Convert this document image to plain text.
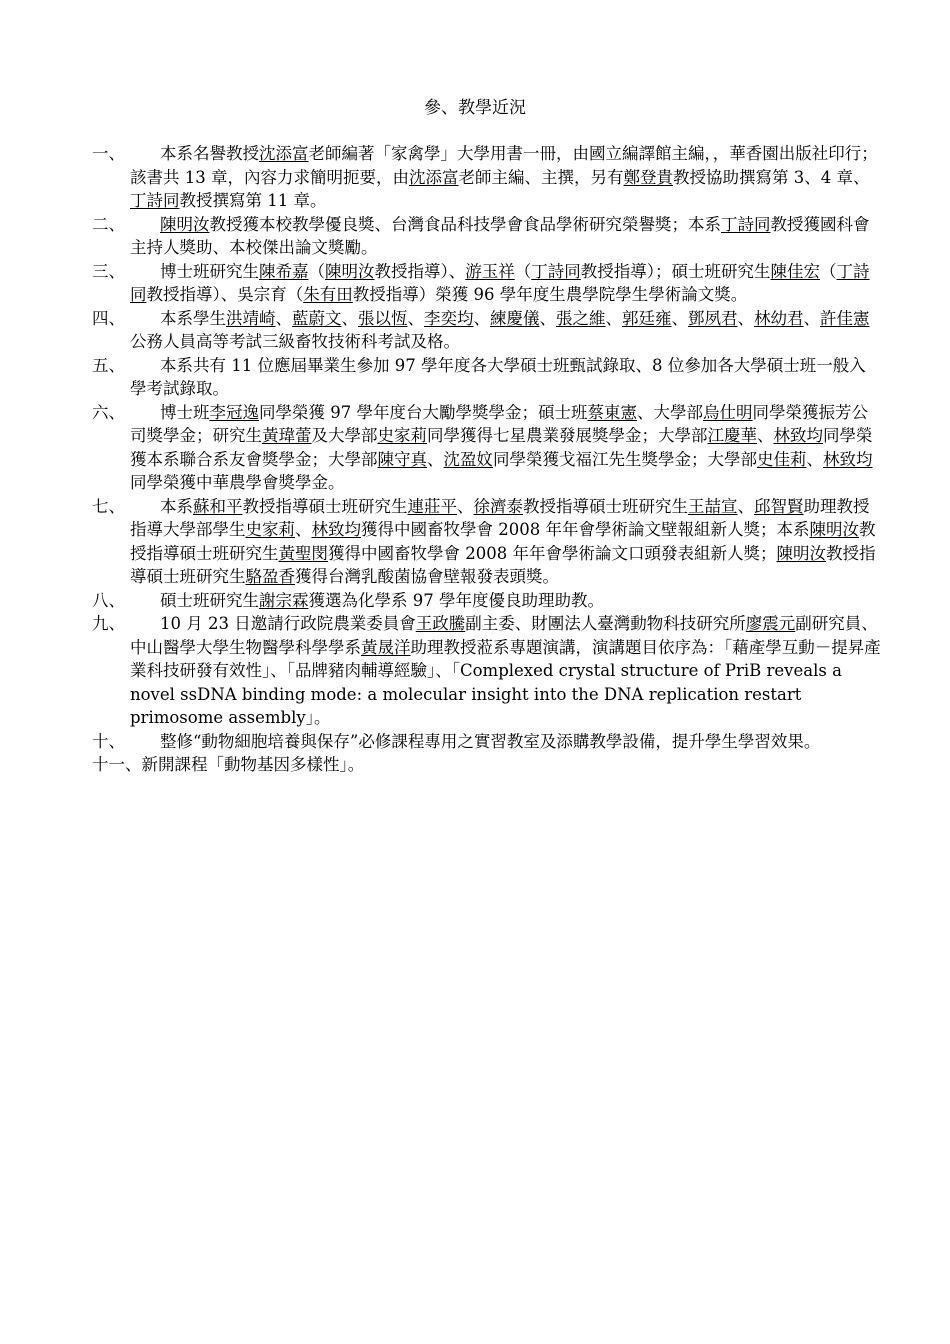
參、教學近況
一、	本系名譽教授沈添富老師編著「家禽學」大學用書一冊，由國立編譯館主編，，華香園出版社印行；該書共 13 章，內容力求簡明扼要，由沈添富老師主編、主撰，另有鄭登貴教授協助撰寫第 3、4 章、丁詩同教授撰寫第 11 章。
二、	陳明汝教授獲本校教學優良獎、台灣食品科技學會食品學術研究榮譽獎；本系丁詩同教授獲國科會主持人獎助、本校傑出論文獎勵。
三、	博士班研究生陳希嘉（陳明汝教授指導）、游玉祥（丁詩同教授指導）；碩士班研究生陳佳宏（丁詩同教授指導）、吳宗育（朱有田教授指導）榮獲 96 學年度生農學院學生學術論文獎。
四、	本系學生洪靖崎、藍蔚文、張以恆、李奕均、練慶儀、張之維、郭廷雍、鄧夙君、林幼君、許佳憲公務人員高等考試三級畜牧技術科考試及格。
五、	本系共有 11 位應屆畢業生參加 97 學年度各大學碩士班甄試錄取、8 位參加各大學碩士班一般入學考試錄取。
六、	博士班李冠逸同學榮獲 97 學年度台大勵學獎學金；碩士班蔡東憲、大學部烏仕明同學榮獲振芳公司獎學金；研究生黃瑋蕾及大學部史家莉同學獲得七星農業發展獎學金；大學部江慶華、林致均同學榮獲本系聯合系友會獎學金；大學部陳守真、沈盈妏同學榮獲戈福江先生獎學金；大學部史佳莉、林致均同學榮獲中華農學會獎學金。
七、	本系蘇和平教授指導碩士班研究生連莊平、徐濟泰教授指導碩士班研究生王喆宣、邱智賢助理教授指導大學部學生史家莉、林致均獲得中國畜牧學會 2008 年年會學術論文壁報組新人獎；本系陳明汝教授指導碩士班研究生黃聖閔獲得中國畜牧學會 2008 年年會學術論文口頭發表組新人獎；陳明汝教授指導碩士班研究生駱盈香獲得台灣乳酸菌協會壁報發表頭獎。
八、	碩士班研究生謝宗霖獲選為化學系 97 學年度優良助理助教。
九、	10 月 23 日邀請行政院農業委員會王政騰副主委、財團法人臺灣動物科技研究所廖震元副研究員、中山醫學大學生物醫學科學學系黃晟洋助理教授蒞系專題演講，演講題目依序為：「藉產學互動－提昇產業科技研發有效性」、「品牌豬肉輔導經驗」、「Complexed crystal structure of PriB reveals a novel ssDNA binding mode: a molecular insight into the DNA replication restart primosome assembly」。
十、	整修“動物細胞培養與保存”必修課程專用之實習教室及添購教學設備，提升學生學習效果。
十一、新開課程「動物基因多樣性」。
